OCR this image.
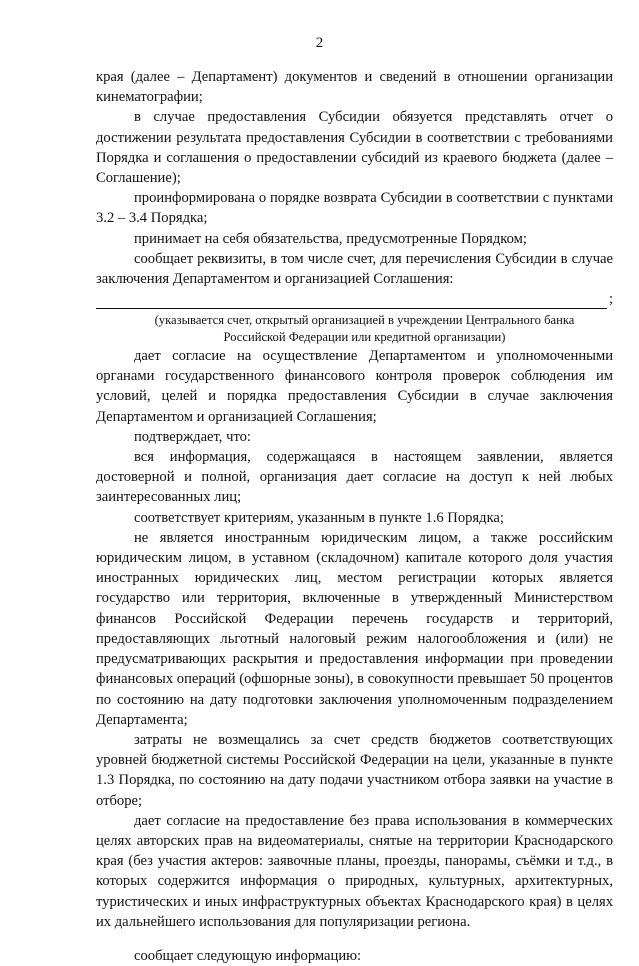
2

края (далее – Департамент) документов и сведений в отношении организации кинематографии;

в случае предоставления Субсидии обязуется представлять отчет о достижении результата предоставления Субсидии в соответствии с требованиями Порядка и соглашения о предоставлении субсидий из краевого бюджета (далее – Соглашение);

проинформирована о порядке возврата Субсидии в соответствии с пунктами 3.2 – 3.4 Порядка;

принимает на себя обязательства, предусмотренные Порядком;

сообщает реквизиты, в том числе счет, для перечисления Субсидии в случае заключения Департаментом и организацией Соглашения:

;
(указывается счет, открытый организацией в учреждении Центрального банка Российской Федерации или кредитной организации)

дает согласие на осуществление Департаментом и уполномоченными органами государственного финансового контроля проверок соблюдения им условий, целей и порядка предоставления Субсидии в случае заключения Департаментом и организацией Соглашения;

подтверждает, что:

вся информация, содержащаяся в настоящем заявлении, является достоверной и полной, организация дает согласие на доступ к ней любых заинтересованных лиц;

соответствует критериям, указанным в пункте 1.6 Порядка;

не является иностранным юридическим лицом, а также российским юридическим лицом, в уставном (складочном) капитале которого доля участия иностранных юридических лиц, местом регистрации которых является государство или территория, включенные в утвержденный Министерством финансов Российской Федерации перечень государств и территорий, предоставляющих льготный налоговый режим налогообложения и (или) не предусматривающих раскрытия и предоставления информации при проведении финансовых операций (офшорные зоны), в совокупности превышает 50 процентов по состоянию на дату подготовки заключения уполномоченным подразделением Департамента;

затраты не возмещались за счет средств бюджетов соответствующих уровней бюджетной системы Российской Федерации на цели, указанные в пункте 1.3 Порядка, по состоянию на дату подачи участником отбора заявки на участие в отборе;

дает согласие на предоставление без права использования в коммерческих целях авторских прав на видеоматериалы, снятые на территории Краснодарского края (без участия актеров: заявочные планы, проезды, панорамы, съёмки и т.д., в которых содержится информация о природных, культурных, архитектурных, туристических и иных инфраструктурных объектах Краснодарского края) в целях их дальнейшего использования для популяризации региона.

сообщает следующую информацию:
